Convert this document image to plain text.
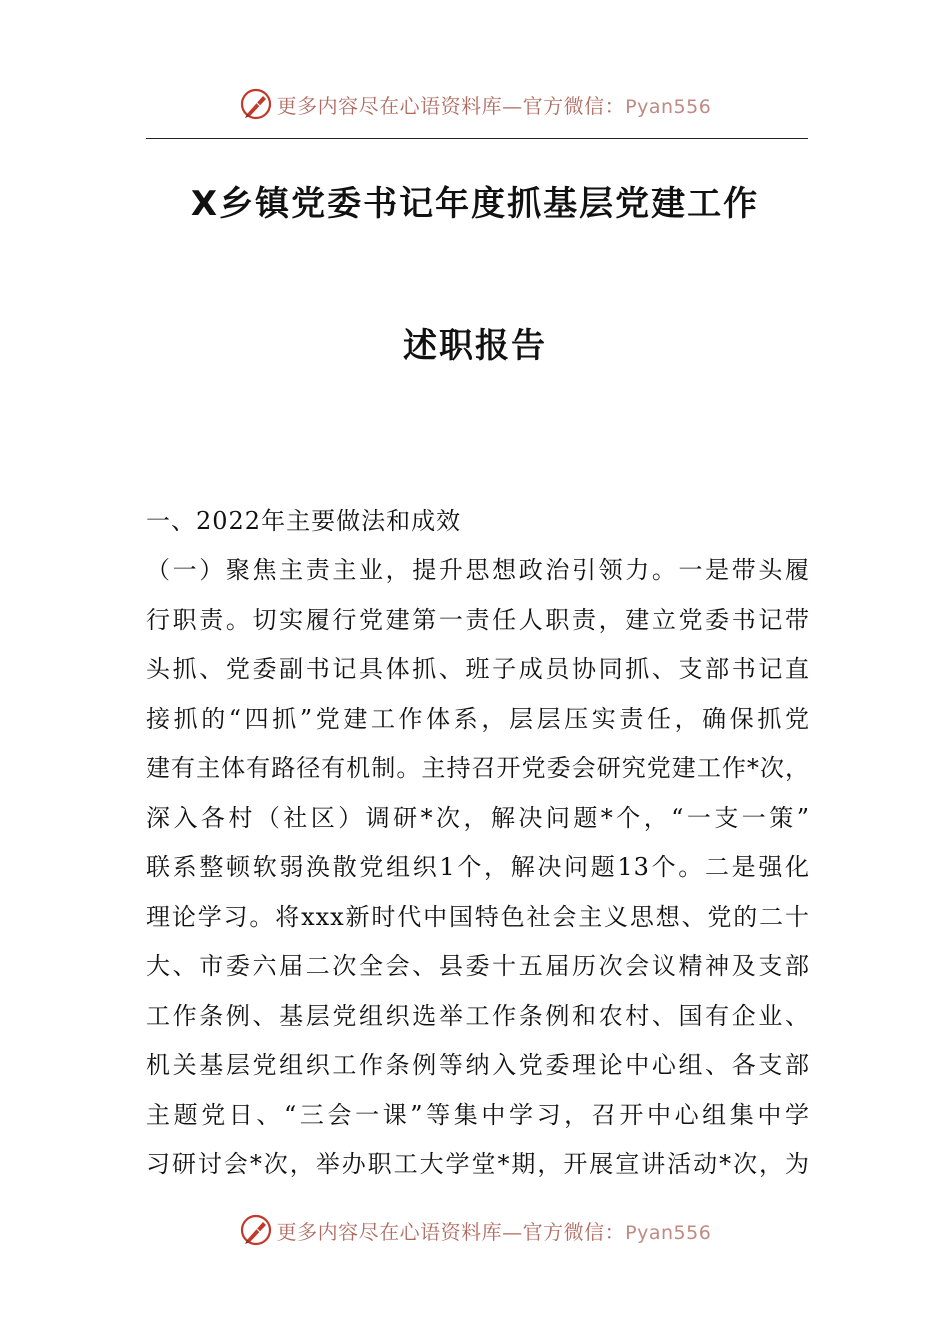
更多内容尽在心语资料库—官方微信：Pyan556
X乡镇党委书记年度抓基层党建工作
述职报告
一、2022年主要做法和成效
（一）聚焦主责主业，提升思想政治引领力。一是带头履
行职责。切实履行党建第一责任人职责，建立党委书记带
头抓、党委副书记具体抓、班子成员协同抓、支部书记直
接抓的“四抓”党建工作体系，层层压实责任，确保抓党
建有主体有路径有机制。主持召开党委会研究党建工作*次，
深入各村（社区）调研*次，解决问题*个，“一支一策”
联系整顿软弱涣散党组织1个，解决问题13个。二是强化
理论学习。将xxx新时代中国特色社会主义思想、党的二十
大、市委六届二次全会、县委十五届历次会议精神及支部
工作条例、基层党组织选举工作条例和农村、国有企业、
机关基层党组织工作条例等纳入党委理论中心组、各支部
主题党日、“三会一课”等集中学习，召开中心组集中学
习研讨会*次，举办职工大学堂*期，开展宣讲活动*次，为
更多内容尽在心语资料库—官方微信：Pyan556
